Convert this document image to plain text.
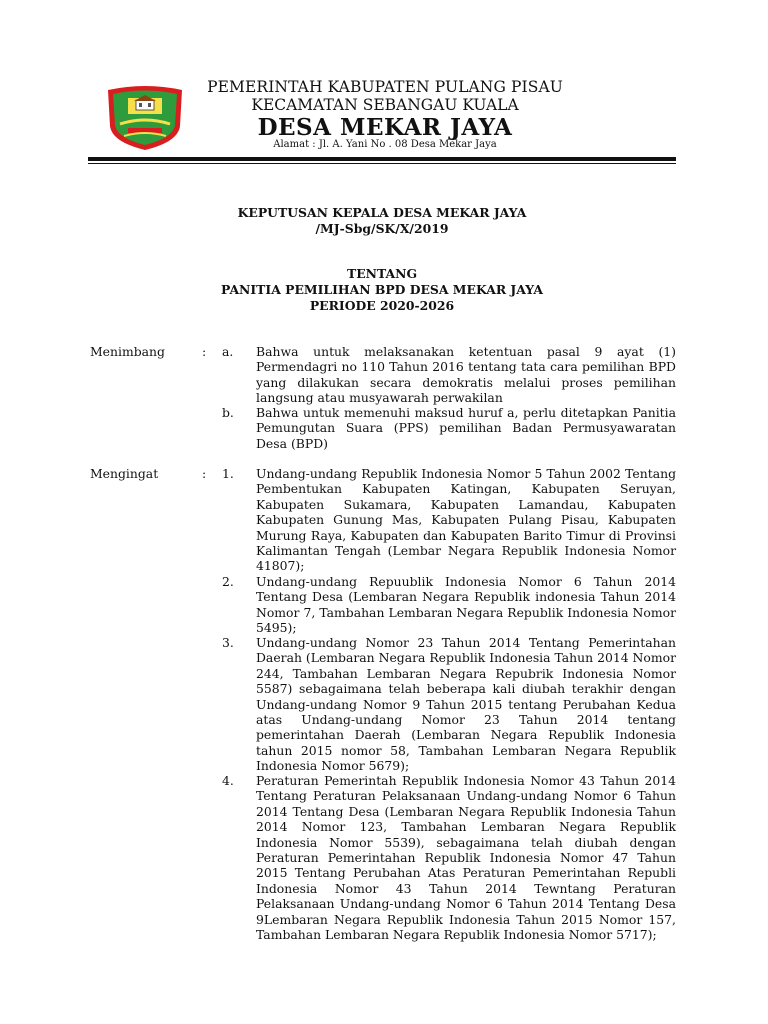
PEMERINTAH KABUPATEN PULANG PISAU
KECAMATAN SEBANGAU KUALA
DESA MEKAR JAYA
Alamat : Jl. A. Yani No . 08 Desa Mekar Jaya
KEPUTUSAN KEPALA DESA MEKAR JAYA
/MJ-Sbg/SK/X/2019
TENTANG
PANITIA PEMILIHAN BPD DESA MEKAR JAYA
PERIODE 2020-2026
Menimbang	: a. Bahwa untuk melaksanakan ketentuan pasal 9 ayat (1) Permendagri no 110 Tahun 2016 tentang tata cara pemilihan BPD yang dilakukan secara demokratis melalui proses pemilihan langsung atau musyawarah perwakilan

b. Bahwa untuk memenuhi maksud huruf a, perlu ditetapkan Panitia Pemungutan Suara (PPS) pemilihan Badan Permusyawaratan Desa (BPD)

Mengingat	: 1. Undang-undang Republik Indonesia Nomor 5 Tahun 2002 Tentang Pembentukan Kabupaten Katingan, Kabupaten Seruyan, Kabupaten Sukamara, Kabupaten Lamandau, Kabupaten Kabupaten Gunung Mas, Kabupaten Pulang Pisau, Kabupaten Murung Raya, Kabupaten dan Kabupaten Barito Timur di Provinsi Kalimantan Tengah (Lembar Negara Republik Indonesia Nomor 41807);

2. Undang-undang Repuublik Indonesia Nomor 6 Tahun 2014 Tentang Desa (Lembaran Negara Republik indonesia Tahun 2014 Nomor 7, Tambahan Lembaran Negara Republik Indonesia Nomor 5495);

3. Undang-undang Nomor 23 Tahun 2014 Tentang Pemerintahan Daerah (Lembaran Negara Republik Indonesia Tahun 2014 Nomor 244, Tambahan Lembaran Negara Repubrik Indonesia Nomor 5587) sebagaimana telah beberapa kali diubah terakhir dengan Undang-undang Nomor 9 Tahun 2015 tentang Perubahan Kedua atas Undang-undang Nomor 23 Tahun 2014 tentang pemerintahan Daerah (Lembaran Negara Republik Indonesia tahun 2015 nomor 58, Tambahan Lembaran Negara Republik Indonesia Nomor 5679);

4. Peraturan Pemerintah Republik Indonesia Nomor 43 Tahun 2014 Tentang Peraturan Pelaksanaan Undang-undang Nomor 6 Tahun 2014 Tentang Desa (Lembaran Negara Republik Indonesia Tahun 2014 Nomor 123, Tambahan Lembaran Negara Republik Indonesia Nomor 5539), sebagaimana telah diubah dengan Peraturan Pemerintahan Republik Indonesia Nomor 47 Tahun 2015 Tentang Perubahan Atas Peraturan Pemerintahan Republi Indonesia Nomor 43 Tahun 2014 Tewntang Peraturan Pelaksanaan Undang-undang Nomor 6 Tahun 2014 Tentang Desa 9Lembaran Negara Republik Indonesia Tahun 2015 Nomor 157, Tambahan Lembaran Negara Republik Indonesia Nomor 5717);
